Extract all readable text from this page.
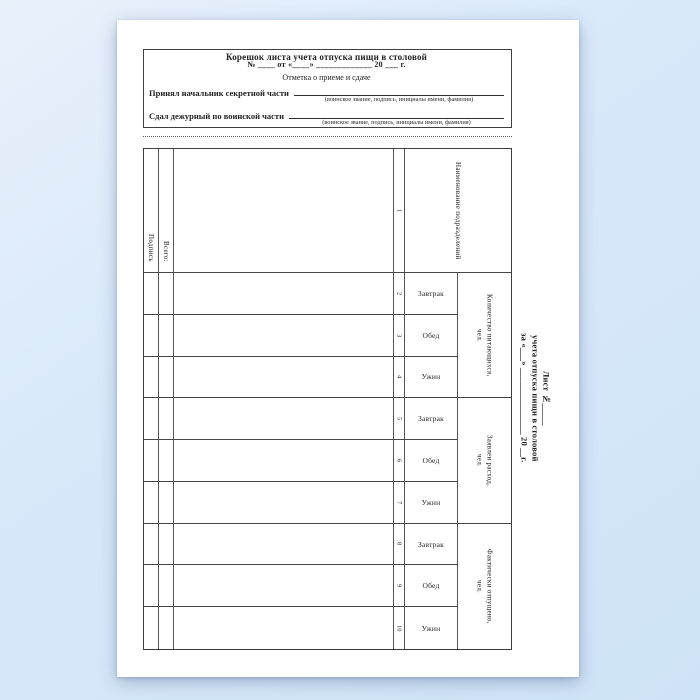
Корешок листа учета отпуска пищи в столовой
№ ____ от «____» _____________ 20 ___ г.
Отметка о приеме и сдаче
Принял начальник секретной части
(воинское звание, подпись, инициалы имени, фамилия)
Сдал дежурный по воинской части
(воинское звание, подпись, инициалы имени, фамилия)
Подпись Всего:
1	Наименование подразделений
2 Завтрак
Количество питающихся,
чел.
3	Обед
4	Ужин
5 Завтрак
Заявлен расход,
чел.
6	Обед
7	Ужин
8 Завтрак
Фактически отпущено,
чел.
9	Обед
10	Ужин
Лист №_____
учета отпуска пищи в столовой
за «___» _______________ 20 __г.
